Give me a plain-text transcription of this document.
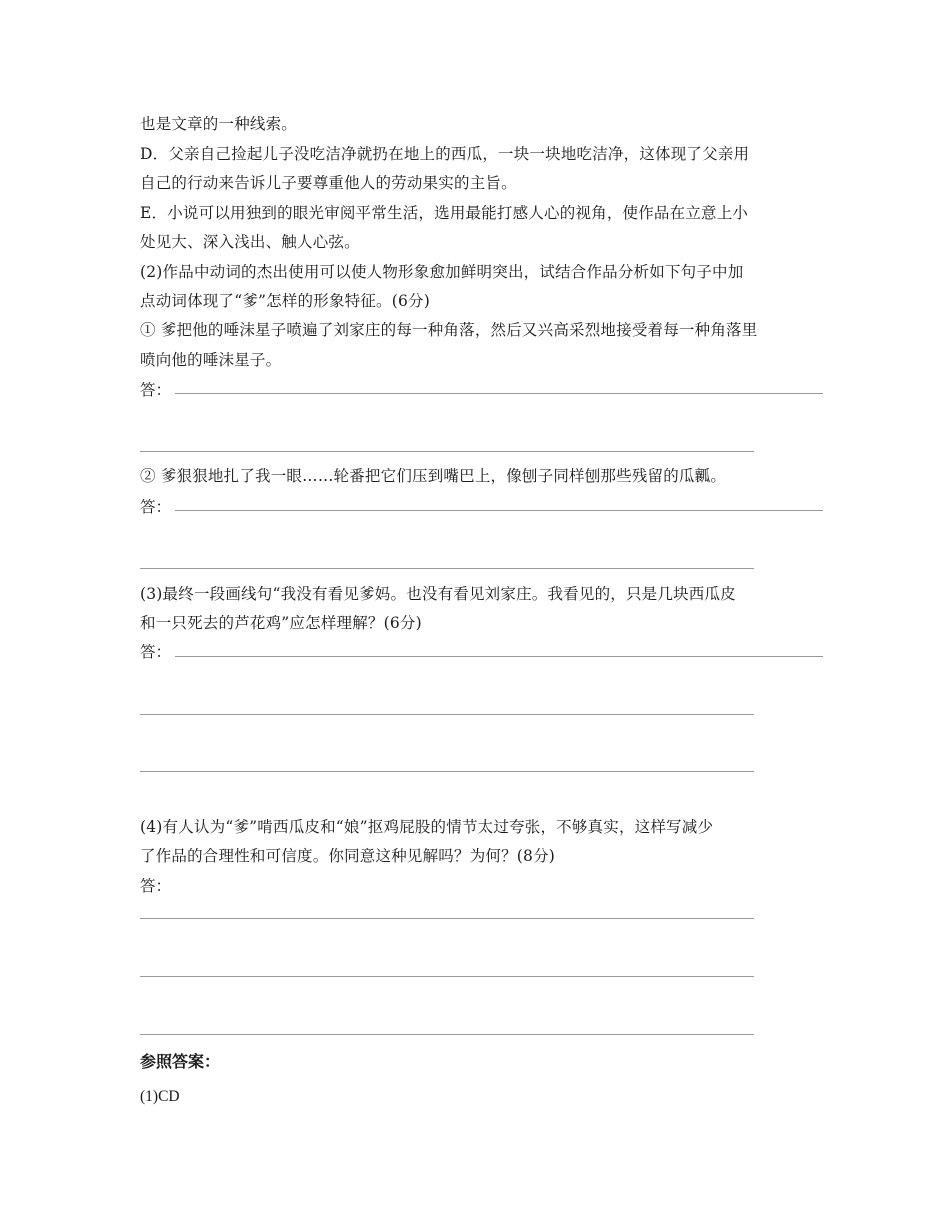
也是文章的一种线索。
D．父亲自己捡起儿子没吃洁净就扔在地上的西瓜，一块一块地吃洁净，这体现了父亲用
自己的行动来告诉儿子要尊重他人的劳动果实的主旨。
E．小说可以用独到的眼光审阅平常生活，选用最能打感人心的视角，使作品在立意上小
处见大、深入浅出、触人心弦。
(2)作品中动词的杰出使用可以使人物形象愈加鲜明突出，试结合作品分析如下句子中加
点动词体现了“爹”怎样的形象特征。(6分)
① 爹把他的唾沫星子喷遍了刘家庄的每一种角落，然后又兴高采烈地接受着每一种角落里
喷向他的唾沫星子。
答：
② 爹狠狠地扎了我一眼……轮番把它们压到嘴巴上，像刨子同样刨那些残留的瓜瓤。
答：
(3)最终一段画线句“我没有看见爹妈。也没有看见刘家庄。我看见的，只是几块西瓜皮
和一只死去的芦花鸡”应怎样理解？(6分)
答：
(4)有人认为“爹”啃西瓜皮和“娘”抠鸡屁股的情节太过夸张，不够真实，这样写减少
了作品的合理性和可信度。你同意这种见解吗？为何？(8分)
答：
参照答案：
(1)CD
